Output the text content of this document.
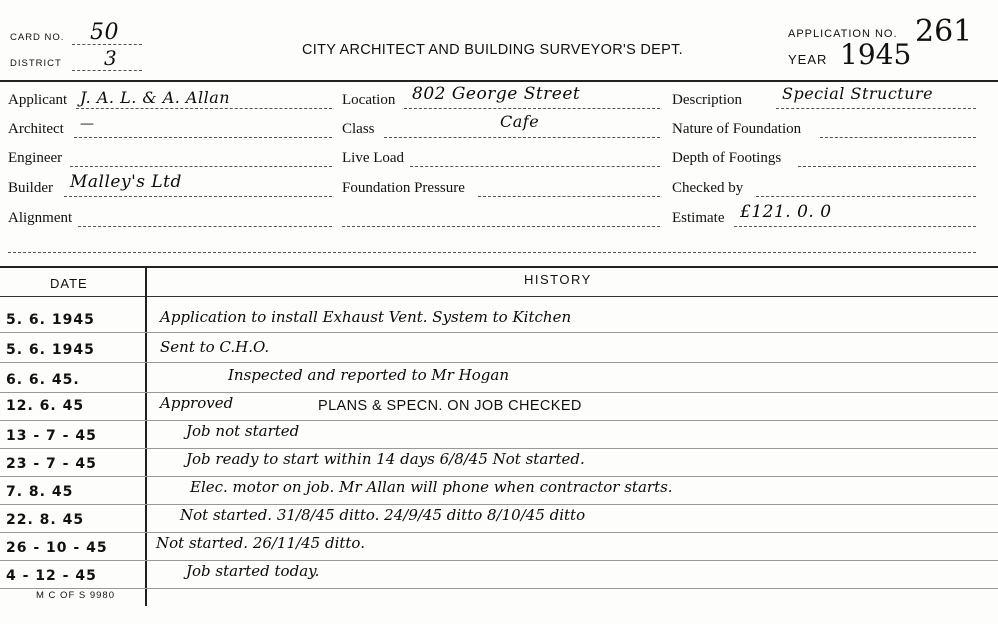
CARD NO. 50
DISTRICT 3	CITY ARCHITECT AND BUILDING SURVEYOR'S DEPT.
APPLICATION NO. 261
YEAR 1945
Applicant J. A. L. & A. Allan
Architect —
Engineer
Builder Malley's Ltd
Alignment
Location 802 George Street
Class	Cafe
Live Load
Foundation Pressure
Description	Special Structure
Nature of Foundation
Depth of Footings
Checked by
Estimate £121. 0. 0
DATE	HISTORY
5. 6. 1945	Application to install Exhaust Vent. System to Kitchen
5. 6. 1945	Sent to C.H.O.
6. 6. 45.	Inspected and reported to Mr Hogan
12. 6. 45	Approved	PLANS & SPECN. ON JOB CHECKED
13 - 7 - 45	Job not started
23 - 7 - 45	Job ready to start within 14 days 6/8/45 Not started.
7. 8. 45	Elec. motor on job. Mr Allan will phone when contractor starts.
22. 8. 45	Not started. 31/8/45 ditto. 24/9/45 ditto 8/10/45 ditto
26 - 10 - 45	Not started. 26/11/45 ditto.
4 - 12 - 45	Job started today.
M C OF S 9980
